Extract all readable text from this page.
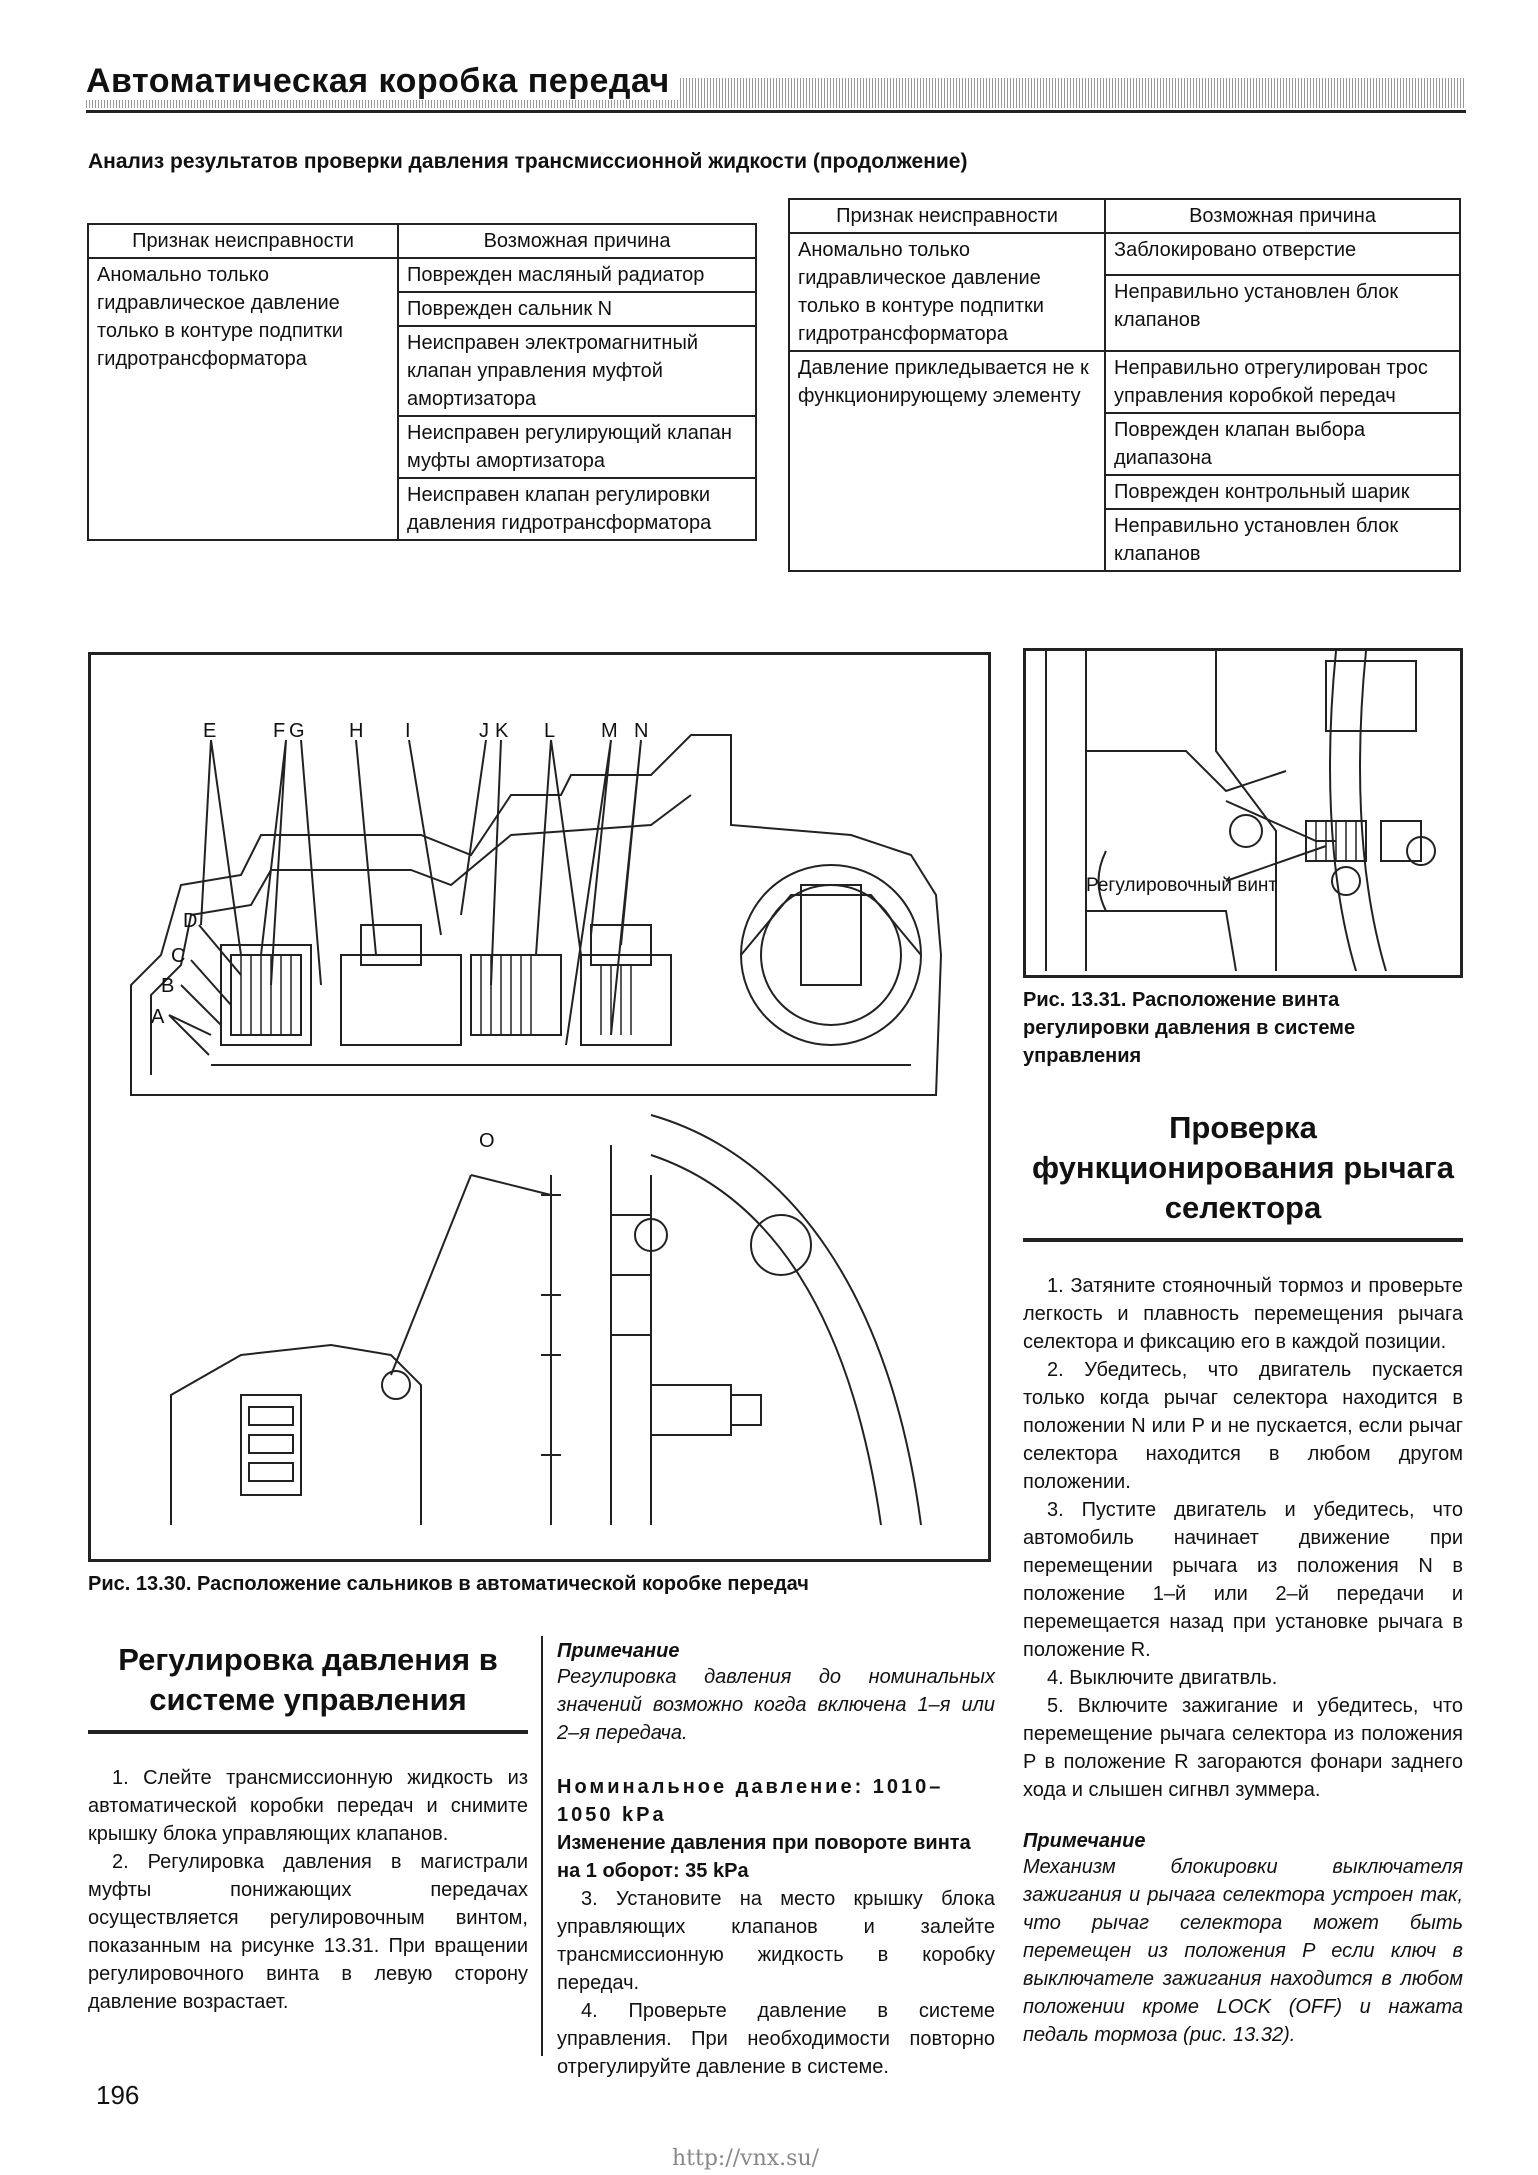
Автоматическая коробка передач
Анализ результатов проверки давления трансмиссионной жидкости (продолжение)
Признак неисправности	Возможная причина
Аномально только гидравлическое давление только в контуре подпитки гидротрансформатора	Поврежден масляный радиатор
	Поврежден сальник N
	Неисправен электромагнитный клапан управления муфтой амортизатора
	Неисправен регулирующий клапан муфты амортизатора
	Неисправен клапан регулировки давления гидротрансформатора
Признак неисправности	Возможная причина
Аномально только гидравлическое давление только в контуре подпитки гидротрансформатора	Заблокировано отверстие
	Неправильно установлен блок клапанов
Давление прикледывается не к функционирующему элементу	Неправильно отрегулирован трос управления коробкой передач
	Поврежден клапан выбора диапазона
	Поврежден контрольный шарик
	Неправильно установлен блок клапанов
A
B
C
D
E	F G H I	J K L M N
O
Рис. 13.30. Расположение сальников в автоматической коробке передач
Регулировочный винт
Рис. 13.31. Расположение винта регулировки давления в системе управления
Проверка функционирования рычага селектора

1. Затяните стояночный тормоз и проверьте легкость и плавность перемещения рычага селектора и фиксацию его в каждой позиции.

2. Убедитесь, что двигатель пускается только когда рычаг селектора находится в положении N или P и не пускается, если рычаг селектора находится в любом другом положении.

3. Пустите двигатель и убедитесь, что автомобиль начинает движение при перемещении рычага из положения N в положение 1–й или 2–й передачи и перемещается назад при установке рычага в положение R.

4. Выключите двигатвль.

5. Включите зажигание и убедитесь, что перемещение рычага селектора из положения P в положение R загораются фонари заднего хода и слышен сигнвл зуммера.

Примечание
Механизм блокировки выключателя зажигания и рычага селектора устроен так, что рычаг селектора может быть перемещен из положения P если ключ в выключателе зажигания находится в любом положении кроме LOCK (OFF) и нажата педаль тормоза (рис. 13.32).
Регулировка давления в системе управления

1. Слейте трансмиссионную жидкость из автоматической коробки передач и снимите крышку блока управляющих клапанов.

2. Регулировка давления в магистрали муфты понижающих передачах осуществляется регулировочным винтом, показанным на рисунке 13.31. При вращении регулировочного винта в левую сторону давление возрастает.

Примечание
Регулировка давления до номинальных значений возможно когда включена 1–я или 2–я передача.
Номинальное давление: 1010–1050 kPa
Изменение давления при повороте винта на 1 оборот: 35 kPa

3. Установите на место крышку блока управляющих клапанов и залейте трансмиссионную жидкость в коробку передач.

4. Проверьте давление в системе управления. При необходимости повторно отрегулируйте давление в системе.

196
http://vnx.su/
